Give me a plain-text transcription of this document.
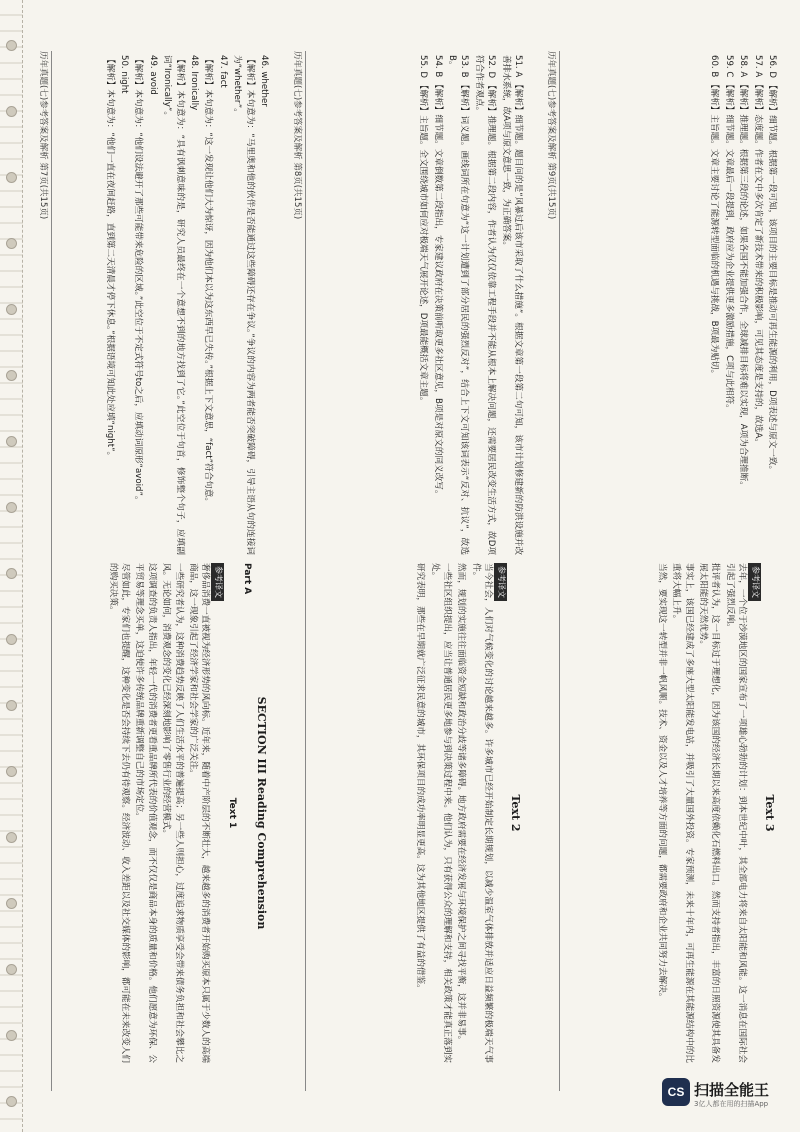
46. whether

【解析】本句意为：“马里奥和他的伙伴是否能通过这些障碍还存在争议。”争议的内容为两者能否突破障碍，引导主语从句的连接词为“whether”。

47. fact

【解析】本句意为：“这一发现让他们大为惊讶，因为他们本以为这东西早已失传。”根据上下文意思，“fact”符合句意。

48. Ironically

【解析】本句意为：“具有讽刺意味的是，研究人员最终在一个意想不到的地方找到了它。”此空位于句首，修饰整个句子，应填副词“Ironically”。

49. avoid

【解析】本句意为：“他们设法避开了那些可能带来危险的区域。”此空位于不定式符号to之后，应填动词原形“avoid”。

50. night

【解析】本句意为：“他们一直在夜间赶路，直到第二天清晨才停下休息。”根据语境可知此处应填“night”。

SECTION III Reading Comprehension
Part A
Text 1
参考译文

奢侈品消费一直被视为经济形势的风向标。近年来，随着中产阶层的不断壮大，越来越多的消费者开始购买原本只属于少数人的高端商品，这一现象引起了经济学家和社会学家的广泛关注。

一些研究者认为，这种消费趋势反映了人们生活水平的普遍提高；另一些人则担心，过度追求物质享受会带来债务负担和社会攀比之风。无论如何，消费观念的变化已经深刻地影响了零售行业的经营模式。

这项调查的负责人指出，年轻一代的消费者更看重品牌所代表的价值观念，而不仅仅是商品本身的质量和价格。他们愿意为环保、公平贸易等理念买单，这迫使许多传统品牌重新调整自己的市场定位。

尽管如此，专家们也提醒，这种变化是否会持续下去仍有待观察。经济波动、收入差距以及社交媒体的影响，都可能在未来改变人们的购买决策。

历年真题(七)参考答案及解析 第7页(共15页)	51. A 【解析】细节题。题目问的是“风暴过后该市采取了什么措施”。根据文章第一段第二句可知，该市计划修建新的防洪设施并改善排水系统，故A项与原文意思一致，为正确答案。

52. D 【解析】推理题。根据第二段内容，作者认为仅仅依靠工程手段并不能从根本上解决问题，还需要居民改变生活方式，故D项符合作者观点。

53. B 【解析】词义题。画线词所在句意为“这一计划遭到了部分居民的强烈反对”，结合上下文可知该词表示“反对、抗议”，故选B。

54. B 【解析】细节题。文章倒数第二段指出，专家建议政府在决策前听取更多社区意见，B项是对原文的同义改写。

55. D 【解析】主旨题。全文围绕城市如何应对极端天气展开论述，D项最能概括文章主题。

Text 2
参考译文

当今社会，人们对气候变化的讨论越来越多。许多城市已经开始制定长期规划，以减少温室气体排放并适应日益频繁的极端天气事件。

然而，规划的实施往往面临资金短缺和政治分歧等诸多障碍。地方政府需要在经济发展与环境保护之间寻找平衡，这并非易事。

一些社区组织提出，应当让普通居民更多地参与到决策过程中来。他们认为，只有获得公众的理解和支持，相关政策才能真正落到实处。

研究表明，那些在早期就广泛征求民意的城市，其环保项目的成功率明显更高。这为其他地区提供了有益的借鉴。

历年真题(七)参考答案及解析 第8页(共15页)	56. D 【解析】细节题。根据第一段可知，该项目的主要目标是推动可再生能源的利用，D项表述与原文一致。

57. A 【解析】态度题。作者在文中多次肯定了新技术带来的积极影响，可见其态度是支持的，故选A。

58. A 【解析】推理题。根据第三段的论述，如果各国不能加强合作，全球减排目标将难以实现，A项为合理推断。

59. C 【解析】细节题。文章最后一段提到，政府应为企业提供更多激励措施，C项与此相符。

60. B 【解析】主旨题。文章主要讨论了能源转型面临的机遇与挑战，B项最为贴切。

Text 3
参考译文

去年，一个位于沙漠地区的国家宣布了一项雄心勃勃的计划：到本世纪中叶，其全部电力将来自太阳能和风能。这一消息在国际社会引起了强烈反响。

批评者认为，这一目标过于理想化，因为该国的经济长期以来高度依赖化石燃料出口。然而支持者指出，丰富的日照资源使其具备发展太阳能的天然优势。

事实上，该国已经建成了多座大型太阳能发电站，并吸引了大量国外投资。专家预测，未来十年内，可再生能源在其能源结构中的比重将大幅上升。

当然，要实现这一转型并非一帆风顺。技术、资金以及人才培养等方面的问题，都需要政府和企业共同努力去解决。

历年真题(七)参考答案及解析 第9页(共15页)
CS 扫描全能王
3亿人都在用的扫描App
